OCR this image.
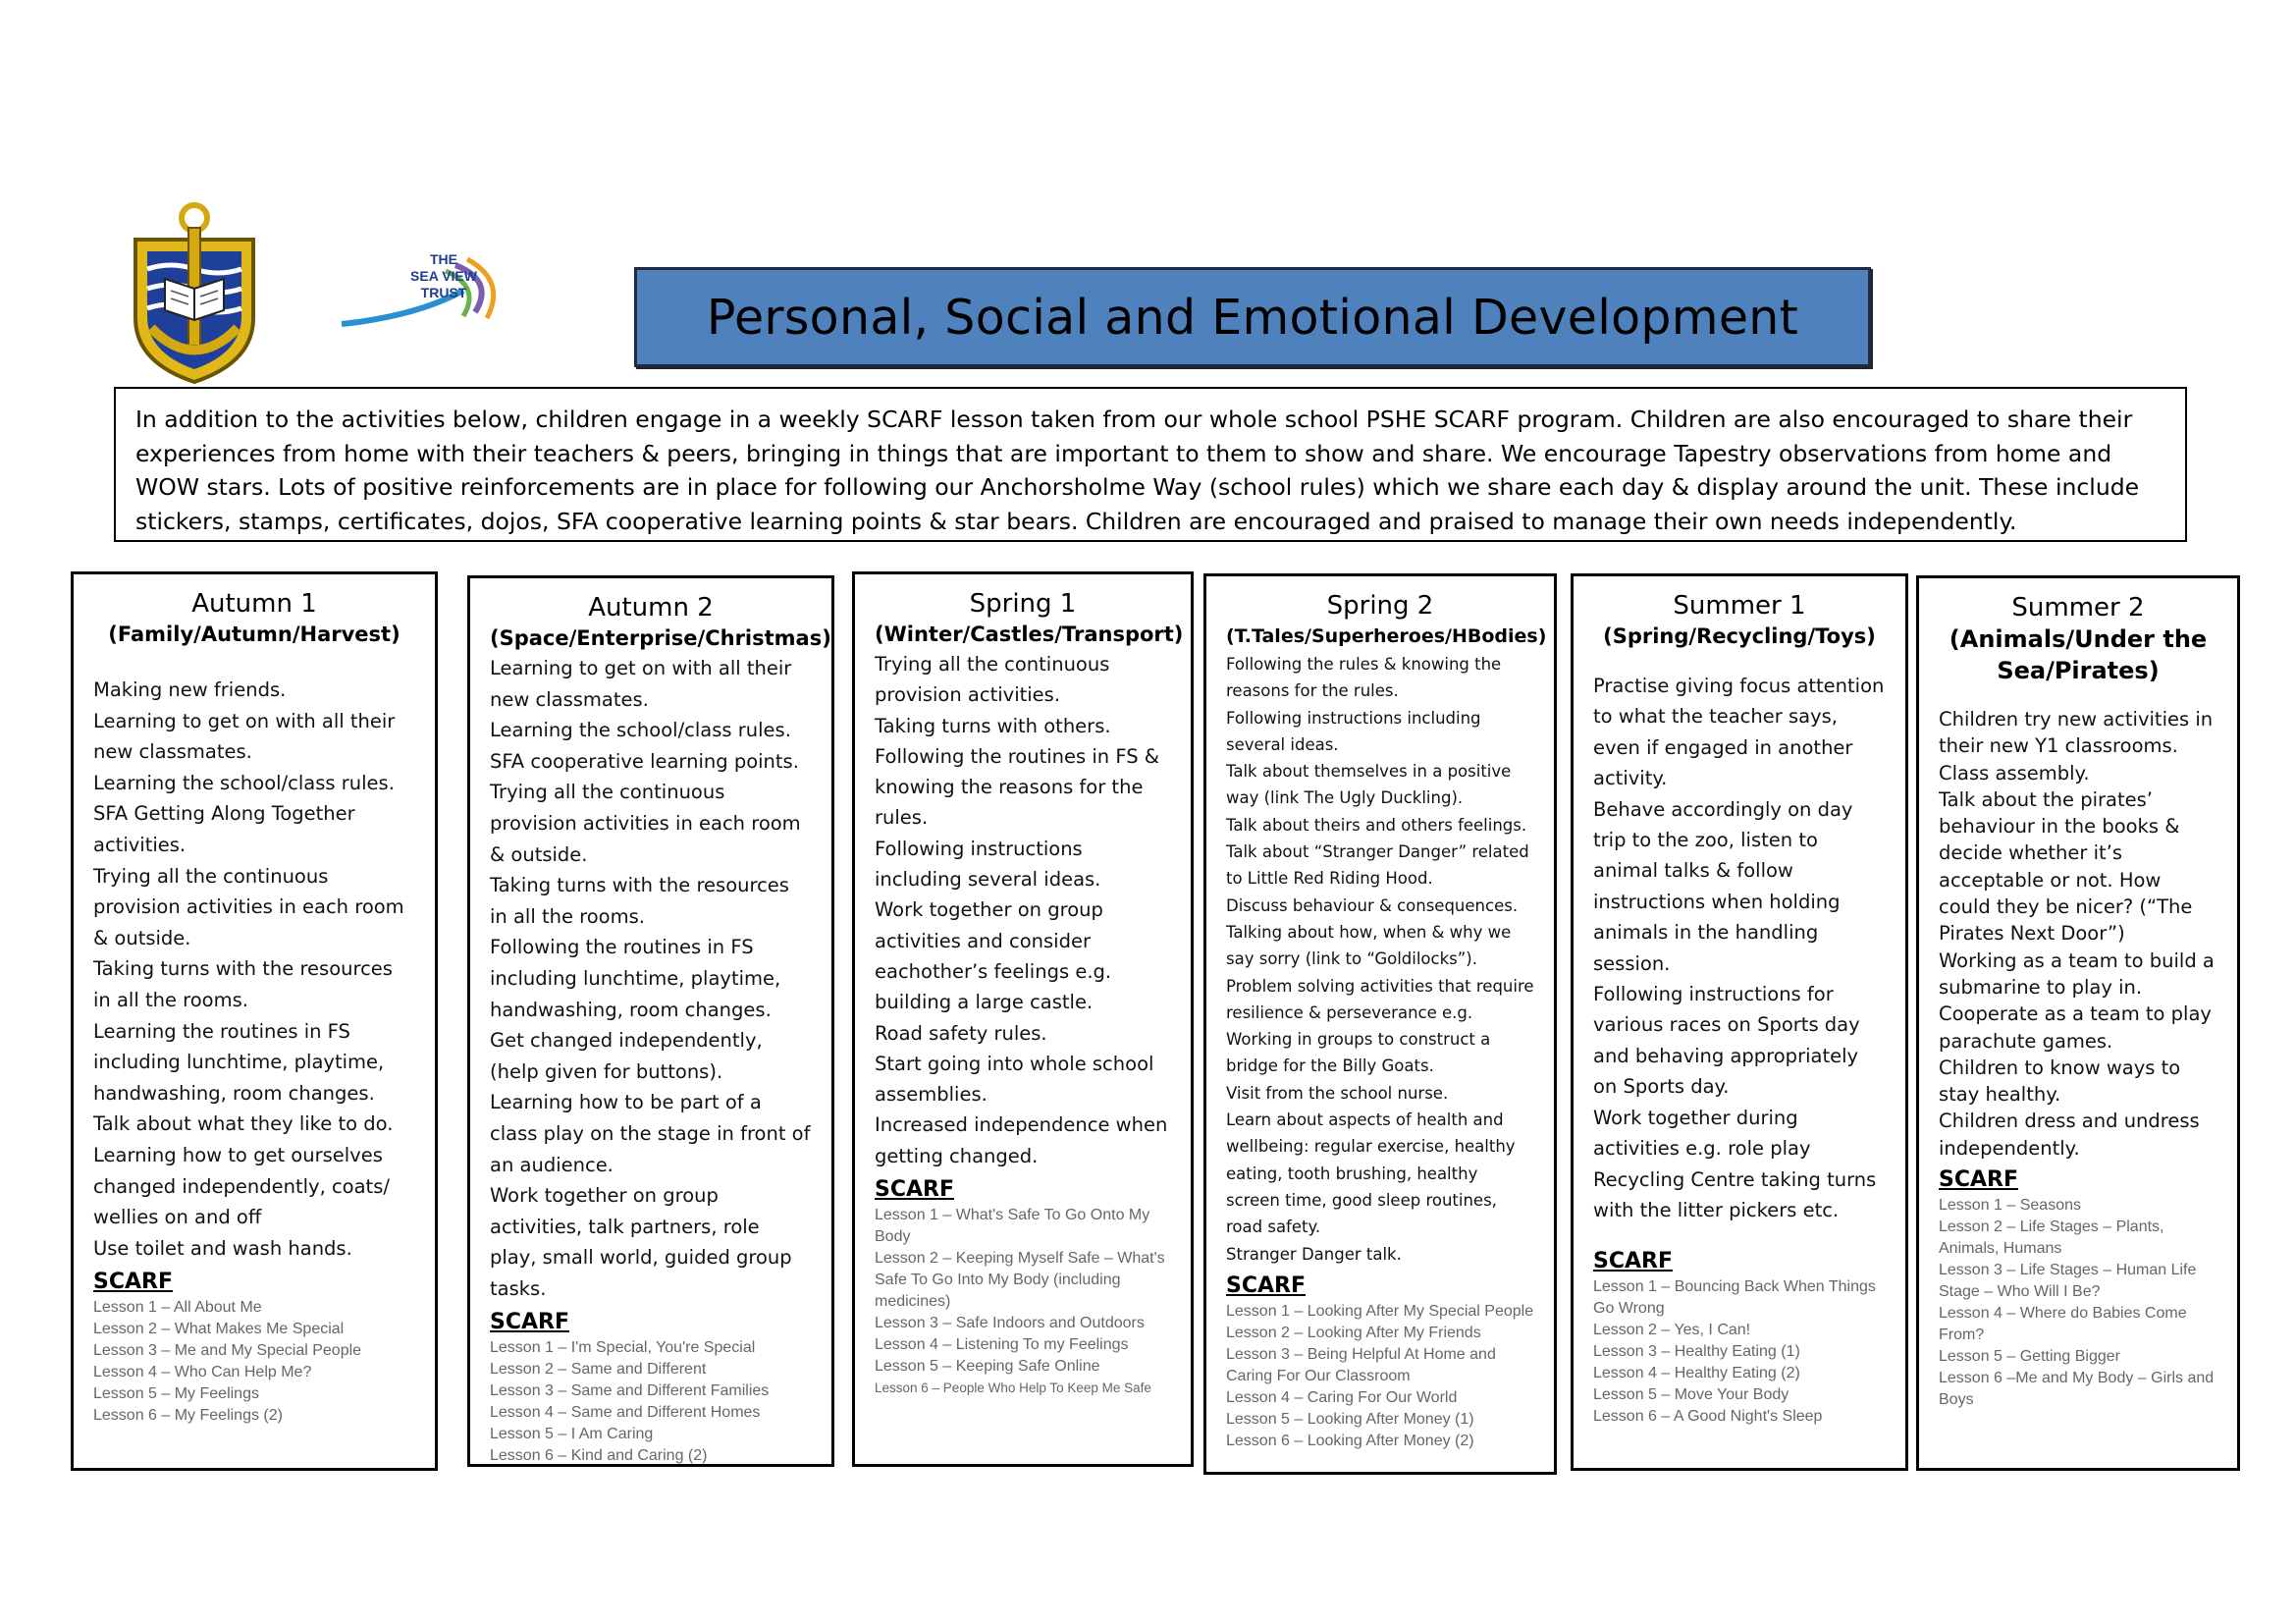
THE
SEA VIEW
TRUST	Personal, Social and Emotional Development

In addition to the activities below, children engage in a weekly SCARF lesson taken from our whole school PSHE SCARF program. Children are also encouraged to share their experiences from home with their teachers & peers, bringing in things that are important to them to show and share. We encourage Tapestry observations from home and WOW stars. Lots of positive reinforcements are in place for following our Anchorsholme Way (school rules) which we share each day & display around the unit. These include stickers, stamps, certificates, dojos, SFA cooperative learning points & star bears. Children are encouraged and praised to manage their own needs independently.

Autumn 1
(Family/Autumn/Harvest)
Making new friends.
Learning to get on with all their new classmates.
Learning the school/class rules.
SFA Getting Along Together activities.
Trying all the continuous provision activities in each room & outside.
Taking turns with the resources in all the rooms.
Learning the routines in FS including lunchtime, playtime, handwashing, room changes.
Talk about what they like to do.
Learning how to get ourselves changed independently, coats/ wellies on and off
Use toilet and wash hands.
SCARF
Lesson 1 – All About Me
Lesson 2 – What Makes Me Special
Lesson 3 – Me and My Special People
Lesson 4 – Who Can Help Me?
Lesson 5 – My Feelings
Lesson 6 – My Feelings (2)
Autumn 2
(Space/Enterprise/Christmas)
Learning to get on with all their new classmates.
Learning the school/class rules.
SFA cooperative learning points.
Trying all the continuous provision activities in each room & outside.
Taking turns with the resources in all the rooms.
Following the routines in FS including lunchtime, playtime, handwashing, room changes.
Get changed independently, (help given for buttons).
Learning how to be part of a class play on the stage in front of an audience.
Work together on group activities, talk partners, role play, small world, guided group tasks.
SCARF
Lesson 1 – I'm Special, You're Special
Lesson 2 – Same and Different
Lesson 3 – Same and Different Families
Lesson 4 – Same and Different Homes
Lesson 5 – I Am Caring
Lesson 6 – Kind and Caring (2)
Spring 1
(Winter/Castles/Transport)
Trying all the continuous provision activities.
Taking turns with others.
Following the routines in FS & knowing the reasons for the rules.
Following instructions including several ideas.
Work together on group activities and consider eachother’s feelings e.g. building a large castle.
Road safety rules.
Start going into whole school assemblies.
Increased independence when getting changed.
SCARF
Lesson 1 – What's Safe To Go Onto My Body
Lesson 2 – Keeping Myself Safe – What's Safe To Go Into My Body (including medicines)
Lesson 3 – Safe Indoors and Outdoors
Lesson 4 – Listening To my Feelings
Lesson 5 – Keeping Safe Online
Lesson 6 – People Who Help To Keep Me Safe
Spring 2
(T.Tales/Superheroes/HBodies)
Following the rules & knowing the reasons for the rules.
Following instructions including several ideas.
Talk about themselves in a positive way (link The Ugly Duckling).
Talk about theirs and others feelings.
Talk about “Stranger Danger” related to Little Red Riding Hood.
Discuss behaviour & consequences.
Talking about how, when & why we say sorry (link to “Goldilocks”).
Problem solving activities that require resilience & perseverance e.g. Working in groups to construct a bridge for the Billy Goats.
Visit from the school nurse.
Learn about aspects of health and wellbeing: regular exercise, healthy eating, tooth brushing, healthy screen time, good sleep routines, road safety.
Stranger Danger talk.
SCARF
Lesson 1 – Looking After My Special People
Lesson 2 – Looking After My Friends
Lesson 3 – Being Helpful At Home and Caring For Our Classroom
Lesson 4 – Caring For Our World
Lesson 5 – Looking After Money (1)
Lesson 6 – Looking After Money (2)
Summer 1
(Spring/Recycling/Toys)
Practise giving focus attention to what the teacher says, even if engaged in another activity.
Behave accordingly on day trip to the zoo, listen to animal talks & follow instructions when holding animals in the handling session.
Following instructions for various races on Sports day and behaving appropriately on Sports day.
Work together during activities e.g. role play Recycling Centre taking turns with the litter pickers etc.
SCARF
Lesson 1 – Bouncing Back When Things Go Wrong
Lesson 2 – Yes, I Can!
Lesson 3 – Healthy Eating (1)
Lesson 4 – Healthy Eating (2)
Lesson 5 – Move Your Body
Lesson 6 – A Good Night's Sleep
Summer 2
(Animals/Under the Sea/Pirates)
Children try new activities in their new Y1 classrooms.
Class assembly.
Talk about the pirates’ behaviour in the books & decide whether it’s acceptable or not. How could they be nicer? (“The Pirates Next Door”)
Working as a team to build a submarine to play in.
Cooperate as a team to play parachute games.
Children to know ways to stay healthy.
Children dress and undress independently.
SCARF
Lesson 1 – Seasons
Lesson 2 – Life Stages – Plants, Animals, Humans
Lesson 3 – Life Stages – Human Life Stage – Who Will I Be?
Lesson 4 – Where do Babies Come From?
Lesson 5 – Getting Bigger
Lesson 6 –Me and My Body – Girls and Boys
